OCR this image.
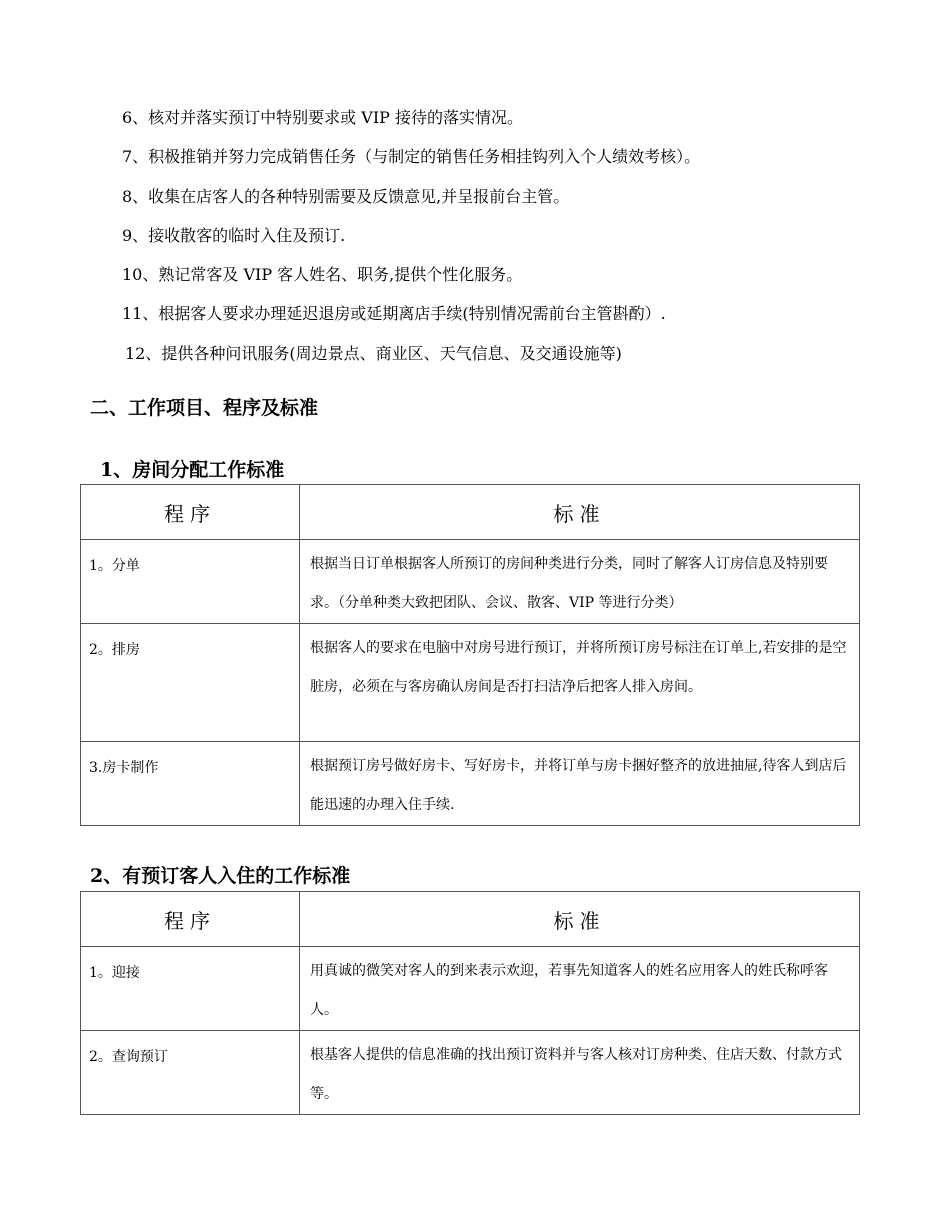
6、核对并落实预订中特别要求或 VIP 接待的落实情况。
7、积极推销并努力完成销售任务（与制定的销售任务相挂钩列入个人绩效考核）。
8、收集在店客人的各种特别需要及反馈意见,并呈报前台主管。
9、接收散客的临时入住及预订.
10、熟记常客及 VIP 客人姓名、职务,提供个性化服务。
11、根据客人要求办理延迟退房或延期离店手续(特别情况需前台主管斟酌）.
12、提供各种问讯服务(周边景点、商业区、天气信息、及交通设施等)
二、工作项目、程序及标准
1、房间分配工作标准
程序	标准
1。分单	根据当日订单根据客人所预订的房间种类进行分类，同时了解客人订房信息及特别要求。（分单种类大致把团队、会议、散客、VIP 等进行分类）
2。排房	根据客人的要求在电脑中对房号进行预订，并将所预订房号标注在订单上,若安排的是空脏房，必须在与客房确认房间是否打扫洁净后把客人排入房间。
3.房卡制作	根据预订房号做好房卡、写好房卡，并将订单与房卡捆好整齐的放进抽屉,待客人到店后能迅速的办理入住手续.
2、有预订客人入住的工作标准
程序	标准
1。迎接	用真诚的微笑对客人的到来表示欢迎，若事先知道客人的姓名应用客人的姓氏称呼客人。
2。查询预订	根基客人提供的信息准确的找出预订资料并与客人核对订房种类、住店天数、付款方式等。
